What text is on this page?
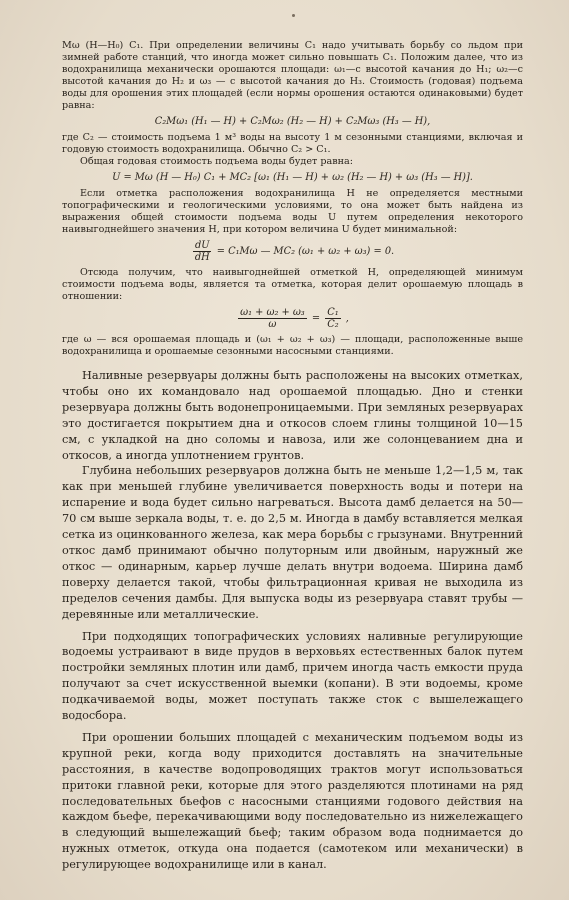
Mω (H—H₀) C₁. При определении величины C₁ надо учитывать борьбу со льдом при зимней работе станций, что иногда может сильно повышать C₁. Положим далее, что из водохранилища механически орошаются площади: ω₁—с высотой качания до H₁; ω₂—с высотой качания до H₂ и ω₃ — с высотой качания до H₃. Стоимость (годовая) подъема воды для орошения этих площадей (если нормы орошения остаются одинаковыми) будет равна:

C₂Mω₁ (H₁ — H) + C₂Mω₂ (H₂ — H) + C₂Mω₃ (H₃ — H),

где C₂ — стоимость подъема 1 м³ воды на высоту 1 м сезонными станциями, включая и годовую стоимость водохранилища. Обычно C₂ > C₁.

Общая годовая стоимость подъема воды будет равна:

U = Mω (H — H₀) C₁ + MC₂ [ω₁ (H₁ — H) + ω₂ (H₂ — H) + ω₃ (H₃ — H)].

Если отметка расположения водохранилища H не определяется местными топографическими и геологическими условиями, то она может быть найдена из выражения общей стоимости подъема воды U путем определения некоторого наивыгоднейшего значения H, при котором величина U будет минимальной:

$\frac{dU}{dH} = C_1M\omega$ — MC₂ (ω₁ + ω₂ + ω₃) = 0.

Отсюда получим, что наивыгоднейшей отметкой H, определяющей минимум стоимости подъема воды, является та отметка, которая делит орошаемую площадь в отношении:

$\frac{\text{ω₁ + ω₂ + ω₃}}{\omega} = \frac{\text{C₁}}{\text{C₂}}$ ,

где ω — вся орошаемая площадь и (ω₁ + ω₂ + ω₃) — площади, расположенные выше водохранилища и орошаемые сезонными насосными станциями.

Наливные резервуары должны быть расположены на высоких отметках, чтобы оно их командовало над орошаемой площадью. Дно и стенки резервуара должны быть водонепроницаемыми. При земляных резервуарах это достигается покрытием дна и откосов слоем глины толщиной 10—15 см, с укладкой на дно соломы и навоза, или же солонцеванием дна и откосов, а иногда уплотнением грунтов.

Глубина небольших резервуаров должна быть не меньше 1,2—1,5 м, так как при меньшей глубине увеличивается поверхность воды и потери на испарение и вода будет сильно нагреваться. Высота дамб делается на 50—70 см выше зеркала воды, т. е. до 2,5 м. Иногда в дамбу вставляется мелкая сетка из оцинкованного железа, как мера борьбы с грызунами. Внутренний откос дамб принимают обычно полуторным или двойным, наружный же откос — одинарным, карьер лучше делать внутри водоема. Ширина дамб поверху делается такой, чтобы фильтрационная кривая не выходила из пределов сечения дамбы. Для выпуска воды из резервуара ставят трубы — деревянные или металлические.

При подходящих топографических условиях наливные регулирующие водоемы устраивают в виде прудов в верховьях естественных балок путем постройки земляных плотин или дамб, причем иногда часть емкости пруда получают за счет искусственной выемки (копани). В эти водоемы, кроме подкачиваемой воды, может поступать также сток с вышележащего водосбора.

При орошении больших площадей с механическим подъемом воды из крупной реки, когда воду приходится доставлять на значительные расстояния, в качестве водопроводящих трактов могут использоваться притоки главной реки, которые для этого разделяются плотинами на ряд последовательных бьефов с насосными станциями годового действия на каждом бьефе, перекачивающими воду последовательно из нижележащего в следующий вышележащий бьеф; таким образом вода поднимается до нужных отметок, откуда она подается (самотеком или механически) в регулирующее водохранилище или в канал.
